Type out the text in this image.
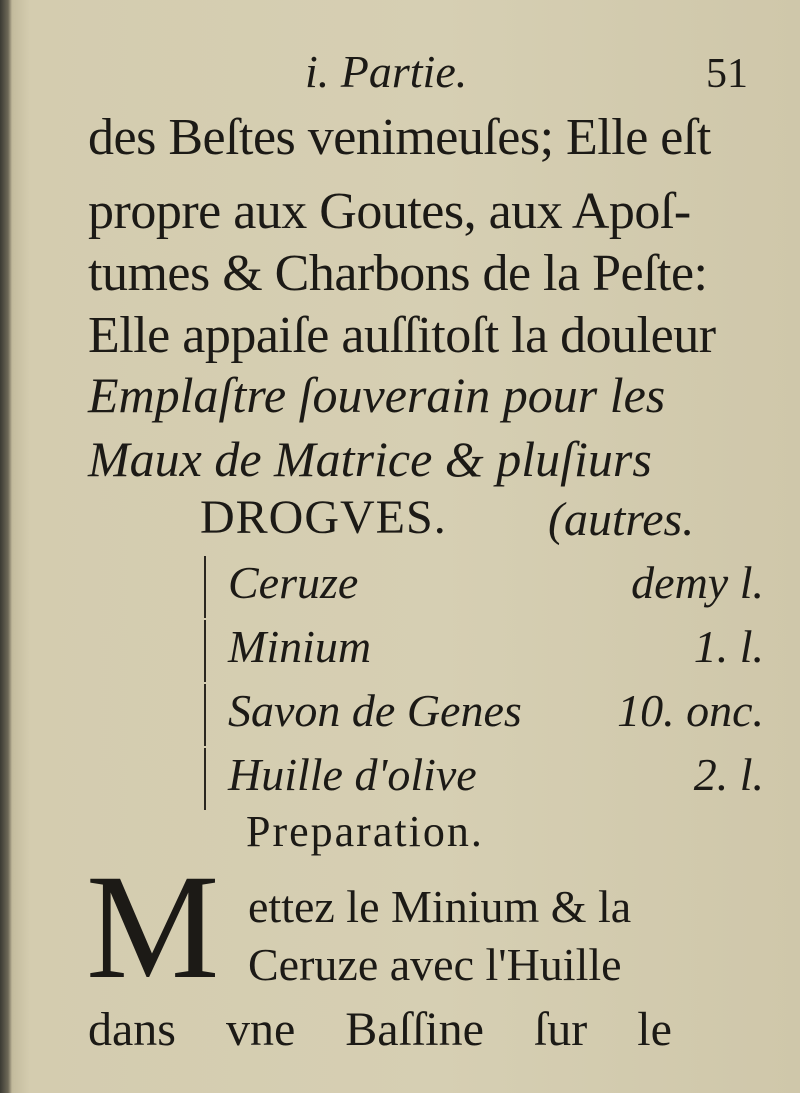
i. Partie.	51
des Beſtes venimeuſes; Elle eſt
propre aux Goutes, aux Apoſ-
tumes & Charbons de la Peſte:
Elle appaiſe auſſitoſt la douleur
Emplaſtre ſouverain pour les
Maux de Matrice & pluſiurs
DROGVES. (autres.
Ceruze	demy l.
Minium	1. l.
Savon de Genes 10. onc.
Huille d'olive	2. l.
Preparation.
M ettez le Minium & la
Ceruze avec l'Huille
dans vne Baſſine ſur le
